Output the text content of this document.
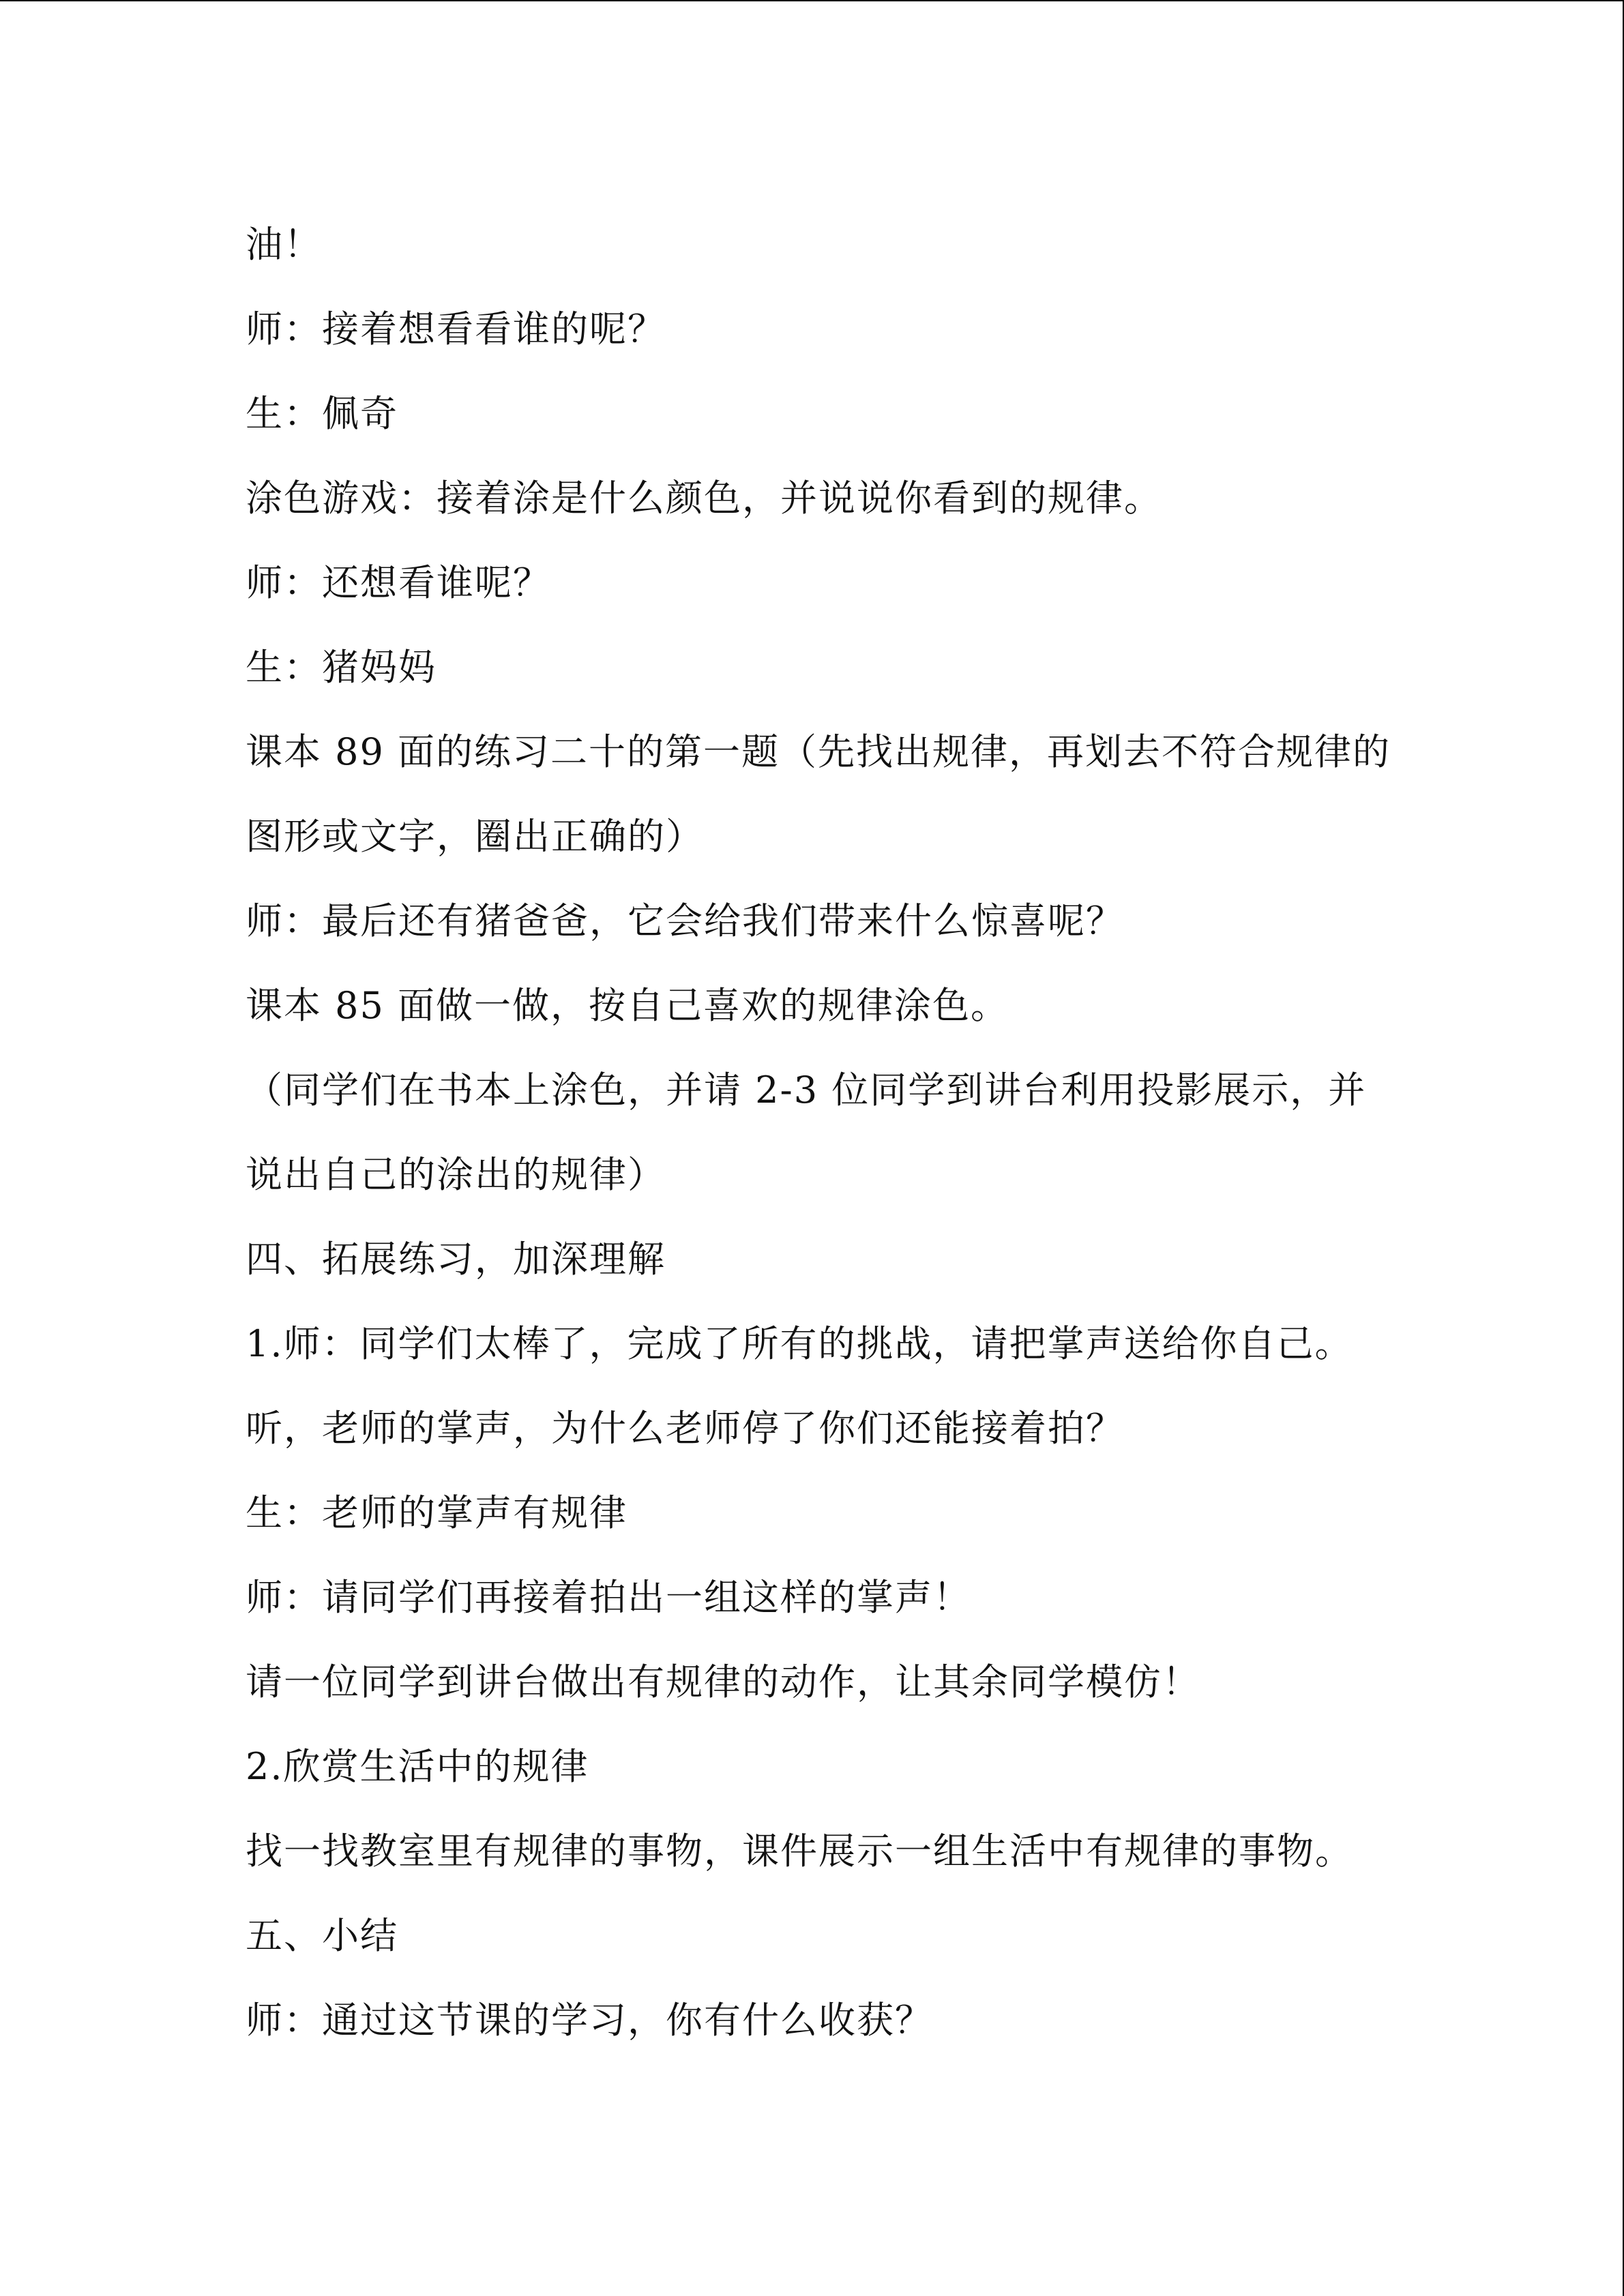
油！
师：接着想看看谁的呢？
生：佩奇
涂色游戏：接着涂是什么颜色，并说说你看到的规律。
师：还想看谁呢？
生：猪妈妈
课本 89 面的练习二十的第一题（先找出规律，再划去不符合规律的
图形或文字，圈出正确的）
师：最后还有猪爸爸，它会给我们带来什么惊喜呢？
课本 85 面做一做，按自己喜欢的规律涂色。
（同学们在书本上涂色，并请 2-3 位同学到讲台利用投影展示，并
说出自己的涂出的规律）
四、拓展练习，加深理解
1.师：同学们太棒了，完成了所有的挑战，请把掌声送给你自己。
听，老师的掌声，为什么老师停了你们还能接着拍？
生：老师的掌声有规律
师：请同学们再接着拍出一组这样的掌声！
请一位同学到讲台做出有规律的动作，让其余同学模仿！
2.欣赏生活中的规律
找一找教室里有规律的事物，课件展示一组生活中有规律的事物。
五、小结
师：通过这节课的学习，你有什么收获？
